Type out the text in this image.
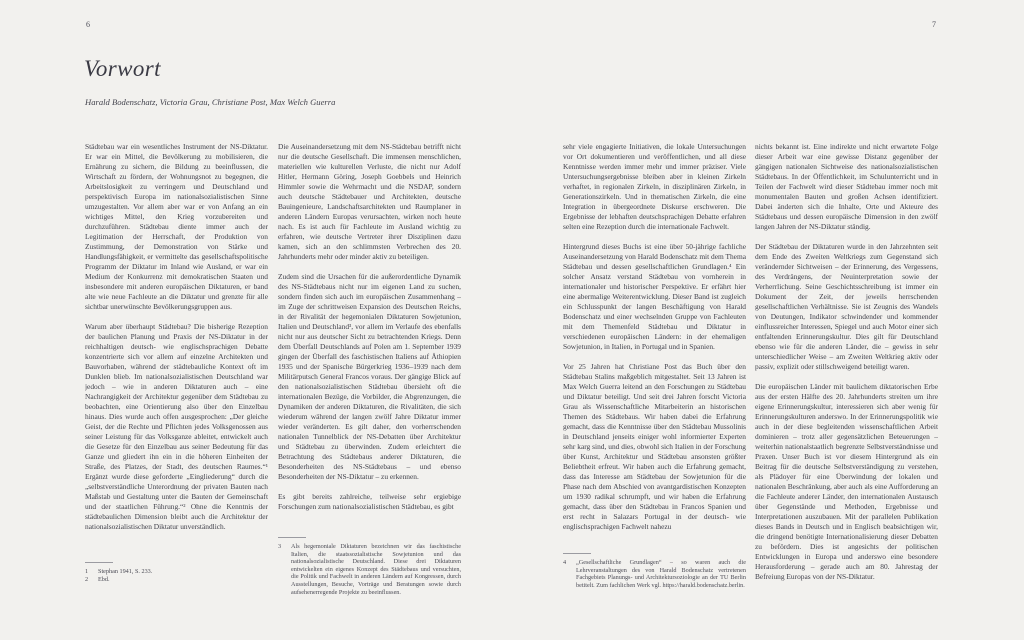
6	7
Vorwort
Harald Bodenschatz, Victoria Grau, Christiane Post, Max Welch Guerra

Städtebau war ein wesentliches Instrument der NS-Diktatur. Er war ein Mittel, die Bevölkerung zu mobilisieren, die Ernährung zu sichern, die Bildung zu beeinflussen, die Wirtschaft zu fördern, der Wohnungsnot zu begegnen, die Arbeitslosigkeit zu verringern und Deutschland und perspektivisch Europa im nationalsozialistischen Sinne umzugestalten. Vor allem aber war er von Anfang an ein wichtiges Mittel, den Krieg vorzubereiten und durchzuführen. Städtebau diente immer auch der Legitimation der Herrschaft, der Produktion von Zustimmung, der Demonstration von Stärke und Handlungsfähigkeit, er vermittelte das gesellschaftspolitische Programm der Diktatur im Inland wie Ausland, er war ein Medium der Konkurrenz mit demokratischen Staaten und insbesondere mit anderen europäischen Diktaturen, er band alte wie neue Fachleute an die Diktatur und grenzte für alle sichtbar unerwünschte Bevölkerungsgruppen aus.

Warum aber überhaupt Städtebau? Die bisherige Rezeption der baulichen Planung und Praxis der NS-Diktatur in der reichhaltigen deutsch- wie englischsprachigen Debatte konzentrierte sich vor allem auf einzelne Architekten und Bauvorhaben, während der städtebauliche Kontext oft im Dunklen blieb. Im nationalsozialistischen Deutschland war jedoch – wie in anderen Diktaturen auch – eine Nachrangigkeit der Architektur gegenüber dem Städtebau zu beobachten, eine Orientierung also über den Einzelbau hinaus. Dies wurde auch offen ausgesprochen: „Der gleiche Geist, der die Rechte und Pflichten jedes Volksgenossen aus seiner Leistung für das Volksganze ableitet, entwickelt auch die Gesetze für den Einzelbau aus seiner Bedeutung für das Ganze und gliedert ihn ein in die höheren Einheiten der Straße, des Platzes, der Stadt, des deutschen Raumes.“¹ Ergänzt wurde diese geforderte „Eingliederung“ durch die „selbstverständliche Unterordnung der privaten Bauten nach Maßstab und Gestaltung unter die Bauten der Gemeinschaft und der staatlichen Führung.“² Ohne die Kenntnis der städtebaulichen Dimension bleibt auch die Architektur der nationalsozialistischen Diktatur unverständlich.

Die Auseinandersetzung mit dem NS-Städtebau betrifft nicht nur die deutsche Gesellschaft. Die immensen menschlichen, materiellen wie kulturellen Verluste, die nicht nur Adolf Hitler, Hermann Göring, Joseph Goebbels und Heinrich Himmler sowie die Wehrmacht und die NSDAP, sondern auch deutsche Städtebauer und Architekten, deutsche Bauingenieure, Landschaftsarchitekten und Raumplaner in anderen Ländern Europas verursachten, wirken noch heute nach. Es ist auch für Fachleute im Ausland wichtig zu erfahren, wie deutsche Vertreter ihrer Disziplinen dazu kamen, sich an den schlimmsten Verbrechen des 20. Jahrhunderts mehr oder minder aktiv zu beteiligen.

Zudem sind die Ursachen für die außerordentliche Dynamik des NS-Städtebaus nicht nur im eigenen Land zu suchen, sondern finden sich auch im europäischen Zusammenhang – im Zuge der schrittweisen Expansion des Deutschen Reichs, in der Rivalität der hegemonialen Diktaturen Sowjetunion, Italien und Deutschland³, vor allem im Verlaufe des ebenfalls nicht nur aus deutscher Sicht zu betrachtenden Kriegs. Denn dem Überfall Deutschlands auf Polen am 1. September 1939 gingen der Überfall des faschistischen Italiens auf Äthiopien 1935 und der Spanische Bürgerkrieg 1936–1939 nach dem Militärputsch General Francos voraus. Der gängige Blick auf den nationalsozialistischen Städtebau übersieht oft die internationalen Bezüge, die Vorbilder, die Abgrenzungen, die Dynamiken der anderen Diktaturen, die Rivalitäten, die sich wiederum während der langen zwölf Jahre Diktatur immer wieder veränderten. Es gilt daher, den vorherrschenden nationalen Tunnelblick der NS-Debatten über Architektur und Städtebau zu überwinden. Zudem erleichtert die Betrachtung des Städtebaus anderer Diktaturen, die Besonderheiten des NS-Städtebaus – und ebenso Besonderheiten der NS-Diktatur – zu erkennen.

Es gibt bereits zahlreiche, teilweise sehr ergiebige Forschungen zum nationalsozialistischen Städtebau, es gibt

sehr viele engagierte Initiativen, die lokale Untersuchungen vor Ort dokumentieren und veröffentlichen, und all diese Kenntnisse werden immer mehr und immer präziser. Viele Untersuchungsergebnisse bleiben aber in kleinen Zirkeln verhaftet, in regionalen Zirkeln, in disziplinären Zirkeln, in Generationszirkeln. Und in thematischen Zirkeln, die eine Integration in übergeordnete Diskurse erschweren. Die Ergebnisse der lebhaften deutschsprachigen Debatte erfahren selten eine Rezeption durch die internationale Fachwelt.

Hintergrund dieses Buchs ist eine über 50-jährige fachliche Auseinandersetzung von Harald Bodenschatz mit dem Thema Städtebau und dessen gesellschaftlichen Grundlagen.⁴ Ein solcher Ansatz verstand Städtebau von vornherein in internationaler und historischer Perspektive. Er erfährt hier eine abermalige Weiterentwicklung. Dieser Band ist zugleich ein Schlusspunkt der langen Beschäftigung von Harald Bodenschatz und einer wechselnden Gruppe von Fachleuten mit dem Themenfeld Städtebau und Diktatur in verschiedenen europäischen Ländern: in der ehemaligen Sowjetunion, in Italien, in Portugal und in Spanien.

Vor 25 Jahren hat Christiane Post das Buch über den Städtebau Stalins maßgeblich mitgestaltet. Seit 13 Jahren ist Max Welch Guerra leitend an den Forschungen zu Städtebau und Diktatur beteiligt. Und seit drei Jahren forscht Victoria Grau als Wissenschaftliche Mitarbeiterin an historischen Themen des Städtebaus. Wir haben dabei die Erfahrung gemacht, dass die Kenntnisse über den Städtebau Mussolinis in Deutschland jenseits einiger wohl informierter Experten sehr karg sind, und dies, obwohl sich Italien in der Forschung über Kunst, Architektur und Städtebau ansonsten größter Beliebtheit erfreut. Wir haben auch die Erfahrung gemacht, dass das Interesse am Städtebau der Sowjetunion für die Phase nach dem Abschied von avantgardistischen Konzepten um 1930 radikal schrumpft, und wir haben die Erfahrung gemacht, dass über den Städtebau in Francos Spanien und erst recht in Salazars Portugal in der deutsch- wie englischsprachigen Fachwelt nahezu

nichts bekannt ist. Eine indirekte und nicht erwartete Folge dieser Arbeit war eine gewisse Distanz gegenüber der gängigen nationalen Sichtweise des nationalsozialistischen Städtebaus. In der Öffentlichkeit, im Schulunterricht und in Teilen der Fachwelt wird dieser Städtebau immer noch mit monumentalen Bauten und großen Achsen identifiziert. Dabei änderten sich die Inhalte, Orte und Akteure des Städtebaus und dessen europäische Dimension in den zwölf langen Jahren der NS-Diktatur ständig.

Der Städtebau der Diktaturen wurde in den Jahrzehnten seit dem Ende des Zweiten Weltkriegs zum Gegenstand sich verändernder Sichtweisen – der Erinnerung, des Vergessens, des Verdrängens, der Neuinterpretation sowie der Verherrlichung. Seine Geschichtsschreibung ist immer ein Dokument der Zeit, der jeweils herrschenden gesellschaftlichen Verhältnisse. Sie ist Zeugnis des Wandels von Deutungen, Indikator schwindender und kommender einflussreicher Interessen, Spiegel und auch Motor einer sich entfaltenden Erinnerungskultur. Dies gilt für Deutschland ebenso wie für die anderen Länder, die – gewiss in sehr unterschiedlicher Weise – am Zweiten Weltkrieg aktiv oder passiv, explizit oder stillschweigend beteiligt waren.

Die europäischen Länder mit baulichem diktatorischen Erbe aus der ersten Hälfte des 20. Jahrhunderts streiten um ihre eigene Erinnerungskultur, interessieren sich aber wenig für Erinnerungskulturen anderswo. In der Erinnerungspolitik wie auch in der diese begleitenden wissenschaftlichen Arbeit dominieren – trotz aller gegensätzlichen Beteuerungen – weiterhin nationalstaatlich begrenzte Selbstverständnisse und Praxen. Unser Buch ist vor diesem Hintergrund als ein Beitrag für die deutsche Selbstverständigung zu verstehen, als Plädoyer für eine Überwindung der lokalen und nationalen Beschränkung, aber auch als eine Aufforderung an die Fachleute anderer Länder, den internationalen Austausch über Gegenstände und Methoden, Ergebnisse und Interpretationen auszubauen. Mit der parallelen Publikation dieses Bands in Deutsch und in Englisch beabsichtigen wir, die dringend benötigte Internationalisierung dieser Debatten zu befördern. Dies ist angesichts der politischen Entwicklungen in Europa und anderswo eine besondere Herausforderung – gerade auch am 80. Jahrestag der Befreiung Europas von der NS-Diktatur.

1	Stephan 1941, S. 233.
2	Ebd.
3	Als hegemoniale Diktaturen bezeichnen wir das faschistische Italien, die staatssozialistische Sowjetunion und das nationalsozialistische Deutschland. Diese drei Diktaturen entwickelten ein eigenes Konzept des Städtebaus und versuchten, die Politik und Fachwelt in anderen Ländern auf Kongressen, durch Ausstellungen, Besuche, Vorträge und Beratungen sowie durch aufsehenerregende Projekte zu beeinflussen.
4	„Gesellschaftliche Grundlagen“ – so waren auch die Lehrveranstaltungen des von Harald Bodenschatz vertretenen Fachgebiets Planungs- und Architektursoziologie an der TU Berlin betitelt. Zum fachlichen Werk vgl. https://harald.bodenschatz.berlin.
